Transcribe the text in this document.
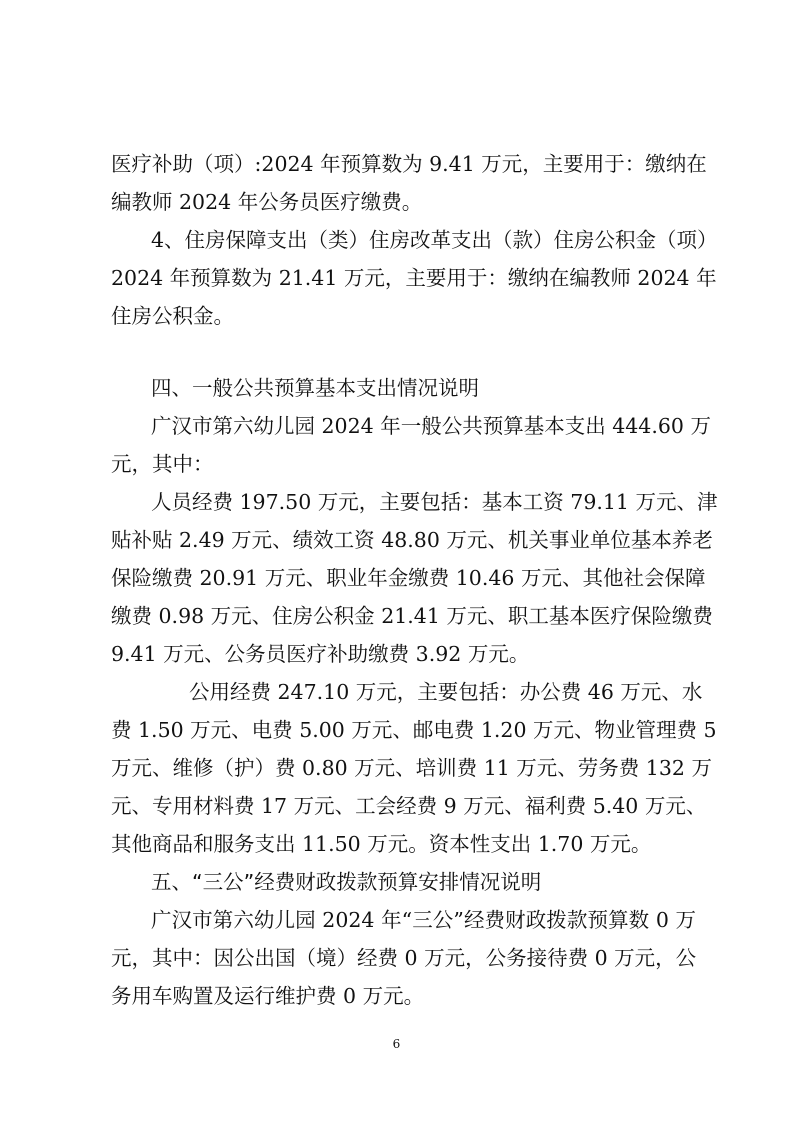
医疗补助（项）:2024 年预算数为 9.41 万元，主要用于：缴纳在
编教师 2024 年公务员医疗缴费。
4、住房保障支出（类）住房改革支出（款）住房公积金（项）
2024 年预算数为 21.41 万元，主要用于：缴纳在编教师 2024 年
住房公积金。
四、一般公共预算基本支出情况说明
广汉市第六幼儿园 2024 年一般公共预算基本支出 444.60 万
元，其中：
人员经费 197.50 万元，主要包括：基本工资 79.11 万元、津
贴补贴 2.49 万元、绩效工资 48.80 万元、机关事业单位基本养老
保险缴费 20.91 万元、职业年金缴费 10.46 万元、其他社会保障
缴费 0.98 万元、住房公积金 21.41 万元、职工基本医疗保险缴费
9.41 万元、公务员医疗补助缴费 3.92 万元。
公用经费 247.10 万元，主要包括：办公费 46 万元、水
费 1.50 万元、电费 5.00 万元、邮电费 1.20 万元、物业管理费 5
万元、维修（护）费 0.80 万元、培训费 11 万元、劳务费 132 万
元、专用材料费 17 万元、工会经费 9 万元、福利费 5.40 万元、
其他商品和服务支出 11.50 万元。资本性支出 1.70 万元。
五、“三公”经费财政拨款预算安排情况说明
广汉市第六幼儿园 2024 年“三公”经费财政拨款预算数 0 万
元，其中：因公出国（境）经费 0 万元，公务接待费 0 万元，公
务用车购置及运行维护费 0 万元。
6
